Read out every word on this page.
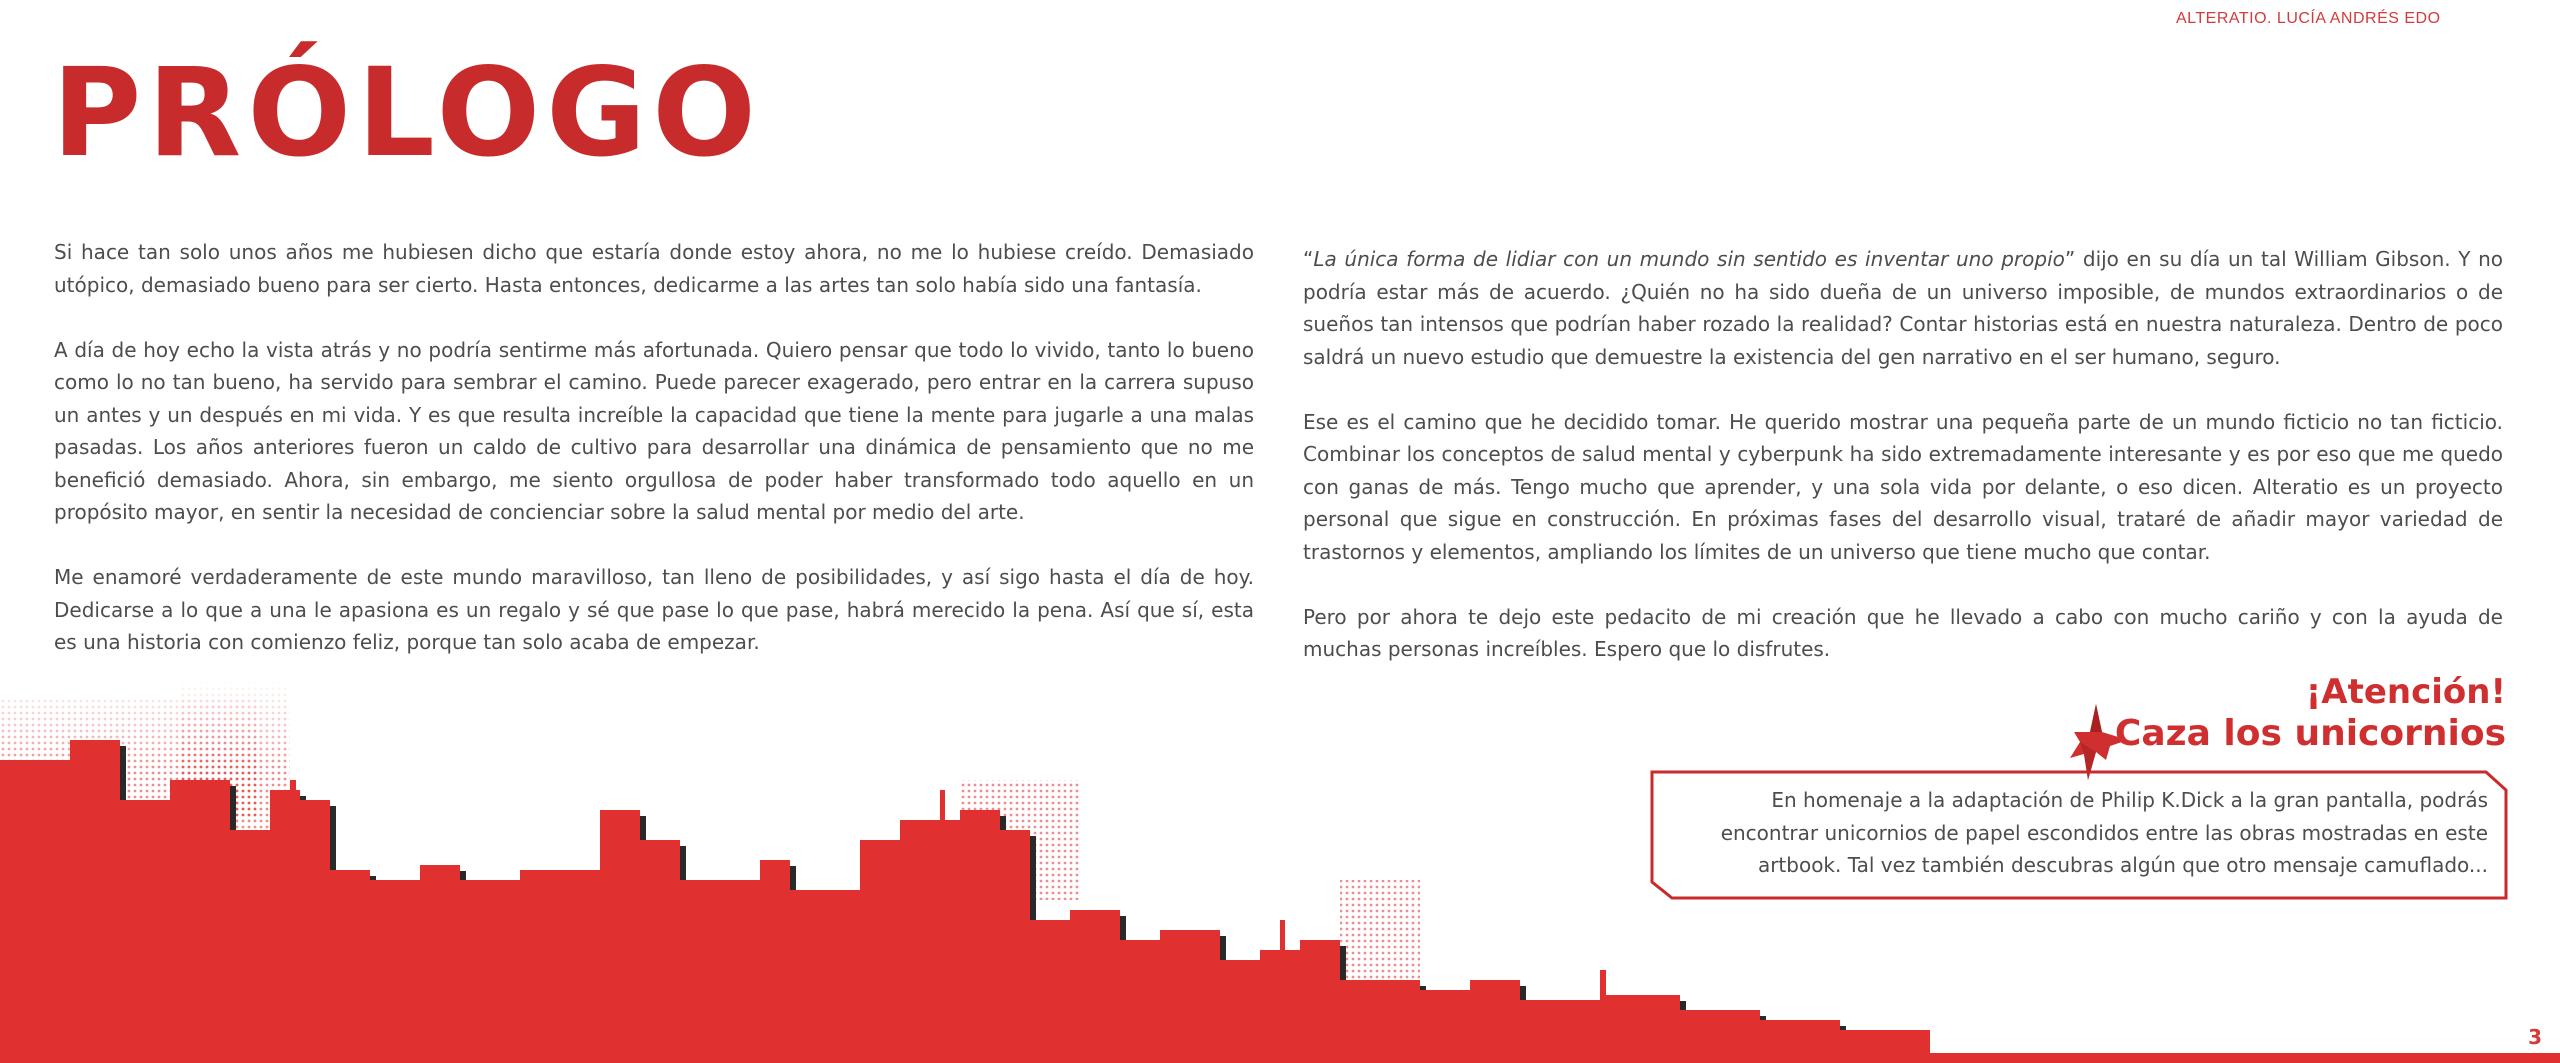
ALTERATIO. LUCÍA ANDRÉS EDO
PRÓLOGO

Si hace tan solo unos años me hubiesen dicho que estaría donde estoy ahora, no me lo hubiese creído. Demasiado utópico, demasiado bueno para ser cierto. Hasta entonces, dedicarme a las artes tan solo había sido una fantasía.

A día de hoy echo la vista atrás y no podría sentirme más afortunada. Quiero pensar que todo lo vivido, tanto lo bueno como lo no tan bueno, ha servido para sembrar el camino. Puede parecer exagerado, pero entrar en la carrera supuso un antes y un después en mi vida. Y es que resulta increíble la capacidad que tiene la mente para jugarle a una malas pasadas. Los años anteriores fueron un caldo de cultivo para desarrollar una dinámica de pensamiento que no me benefició demasiado. Ahora, sin embargo, me siento orgullosa de poder haber transformado todo aquello en un propósito mayor, en sentir la necesidad de concienciar sobre la salud mental por medio del arte.

Me enamoré verdaderamente de este mundo maravilloso, tan lleno de posibilidades, y así sigo hasta el día de hoy. Dedicarse a lo que a una le apasiona es un regalo y sé que pase lo que pase, habrá merecido la pena. Así que sí, esta es una historia con comienzo feliz, porque tan solo acaba de empezar.

“La única forma de lidiar con un mundo sin sentido es inventar uno propio” dijo en su día un tal William Gibson. Y no podría estar más de acuerdo. ¿Quién no ha sido dueña de un universo imposible, de mundos extraordinarios o de sueños tan intensos que podrían haber rozado la realidad? Contar historias está en nuestra naturaleza. Dentro de poco saldrá un nuevo estudio que demuestre la existencia del gen narrativo en el ser humano, seguro.

Ese es el camino que he decidido tomar. He querido mostrar una pequeña parte de un mundo ficticio no tan ficticio. Combinar los conceptos de salud mental y cyberpunk ha sido extremadamente interesante y es por eso que me quedo con ganas de más. Tengo mucho que aprender, y una sola vida por delante, o eso dicen. Alteratio es un proyecto personal que sigue en construcción. En próximas fases del desarrollo visual, trataré de añadir mayor variedad de trastornos y elementos, ampliando los límites de un universo que tiene mucho que contar.

Pero por ahora te dejo este pedacito de mi creación que he llevado a cabo con mucho cariño y con la ayuda de muchas personas increíbles. Espero que lo disfrutes.

¡Atención!
Caza los unicornios
En homenaje a la adaptación de Philip K.Dick a la gran pantalla, podrás encontrar unicornios de papel escondidos entre las obras mostradas en este artbook. Tal vez también descubras algún que otro mensaje camuflado...
3
